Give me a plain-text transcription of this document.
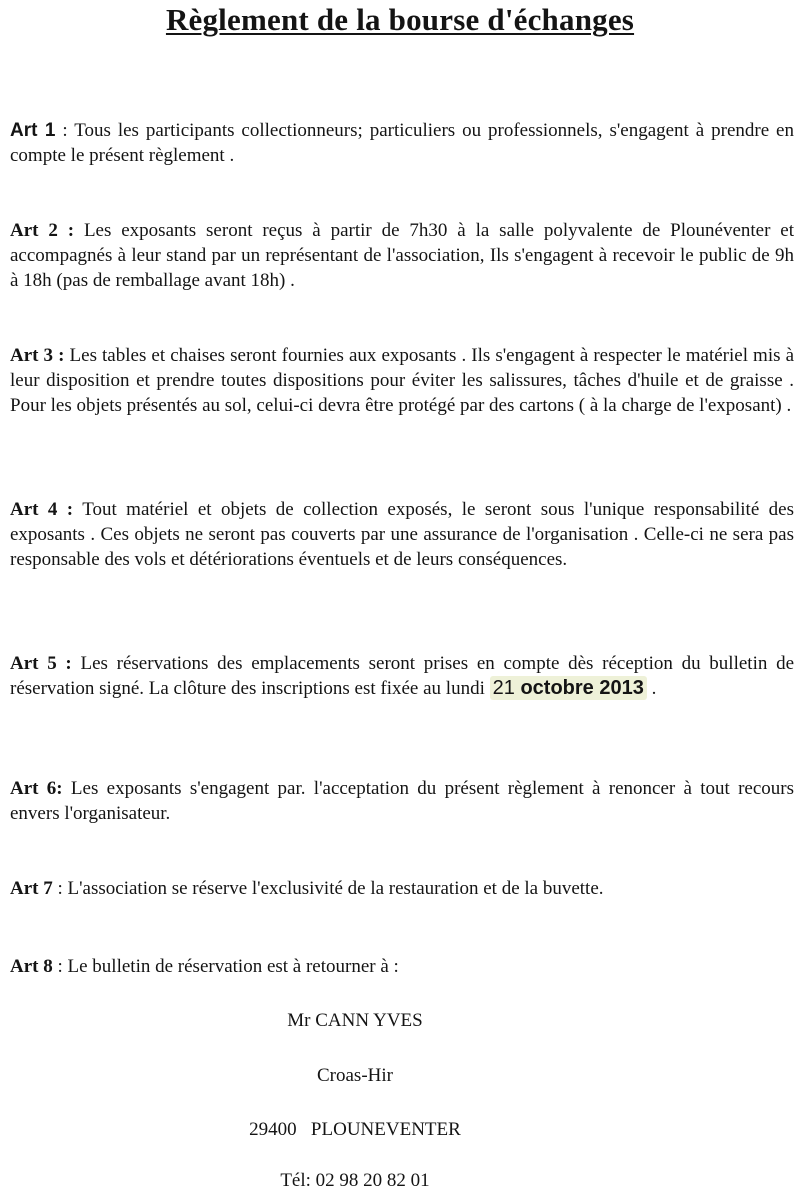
Règlement de la bourse d'échanges
Art 1 : Tous les participants collectionneurs; particuliers ou professionnels, s'engagent à prendre en compte le présent règlement .
Art 2 : Les exposants seront reçus à partir de 7h30 à la salle polyvalente de Plounéventer et accompagnés à leur stand par un représentant de l'association, Ils s'engagent à recevoir le public de 9h à 18h (pas de remballage avant 18h) .
Art 3 : Les tables et chaises seront fournies aux exposants . Ils s'engagent à respecter le matériel mis à leur disposition et prendre toutes dispositions pour éviter les salissures, tâches d'huile et de graisse . Pour les objets présentés au sol, celui-ci devra être protégé par des cartons ( à la charge de l'exposant) .
Art 4 : Tout matériel et objets de collection exposés, le seront sous l'unique responsabilité des exposants . Ces objets ne seront pas couverts par une assurance de l'organisation . Celle-ci ne sera pas responsable des vols et détériorations éventuels et de leurs conséquences.
Art 5 : Les réservations des emplacements seront prises en compte dès réception du bulletin de réservation signé. La clôture des inscriptions est fixée au lundi 21 octobre 2013 .
Art 6: Les exposants s'engagent par. l'acceptation du présent règlement à renoncer à tout recours envers l'organisateur.
Art 7 : L'association se réserve l'exclusivité de la restauration et de la buvette.
Art 8 : Le bulletin de réservation est à retourner à :
Mr CANN YVES
Croas-Hir
29400   PLOUNEVENTER
Tél: 02 98 20 82 01
